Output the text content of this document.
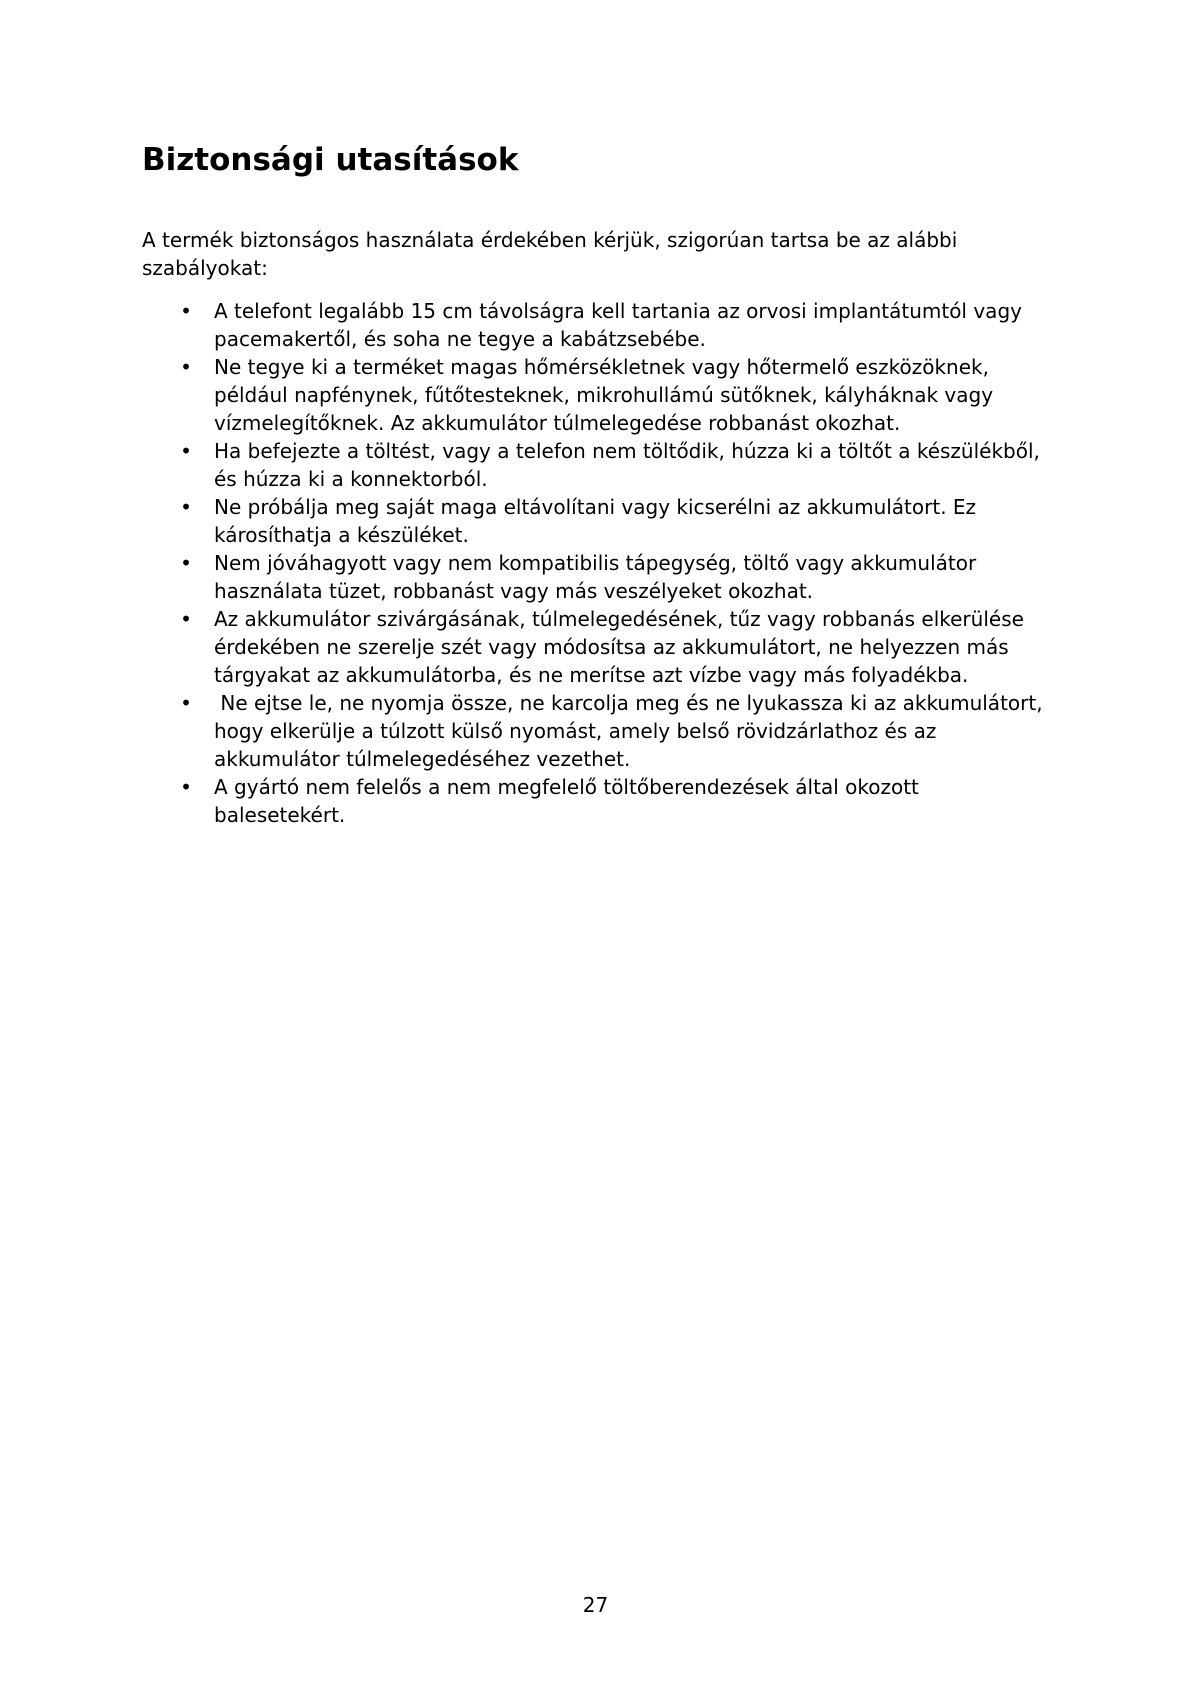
Biztonsági utasítások

A termék biztonságos használata érdekében kérjük, szigorúan tartsa be az alábbi
szabályokat:

• A telefont legalább 15 cm távolságra kell tartania az orvosi implantátumtól vagy
pacemakertől, és soha ne tegye a kabátzsebébe.
• Ne tegye ki a terméket magas hőmérsékletnek vagy hőtermelő eszközöknek,
például napfénynek, fűtőtesteknek, mikrohullámú sütőknek, kályháknak vagy
vízmelegítőknek. Az akkumulátor túlmelegedése robbanást okozhat.
• Ha befejezte a töltést, vagy a telefon nem töltődik, húzza ki a töltőt a készülékből,
és húzza ki a konnektorból.
• Ne próbálja meg saját maga eltávolítani vagy kicserélni az akkumulátort. Ez
károsíthatja a készüléket.
• Nem jóváhagyott vagy nem kompatibilis tápegység, töltő vagy akkumulátor
használata tüzet, robbanást vagy más veszélyeket okozhat.
• Az akkumulátor szivárgásának, túlmelegedésének, tűz vagy robbanás elkerülése
érdekében ne szerelje szét vagy módosítsa az akkumulátort, ne helyezzen más
tárgyakat az akkumulátorba, és ne merítse azt vízbe vagy más folyadékba.
• Ne ejtse le, ne nyomja össze, ne karcolja meg és ne lyukassza ki az akkumulátort,
hogy elkerülje a túlzott külső nyomást, amely belső rövidzárlathoz és az
akkumulátor túlmelegedéséhez vezethet.
• A gyártó nem felelős a nem megfelelő töltőberendezések által okozott
balesetekért.
27
